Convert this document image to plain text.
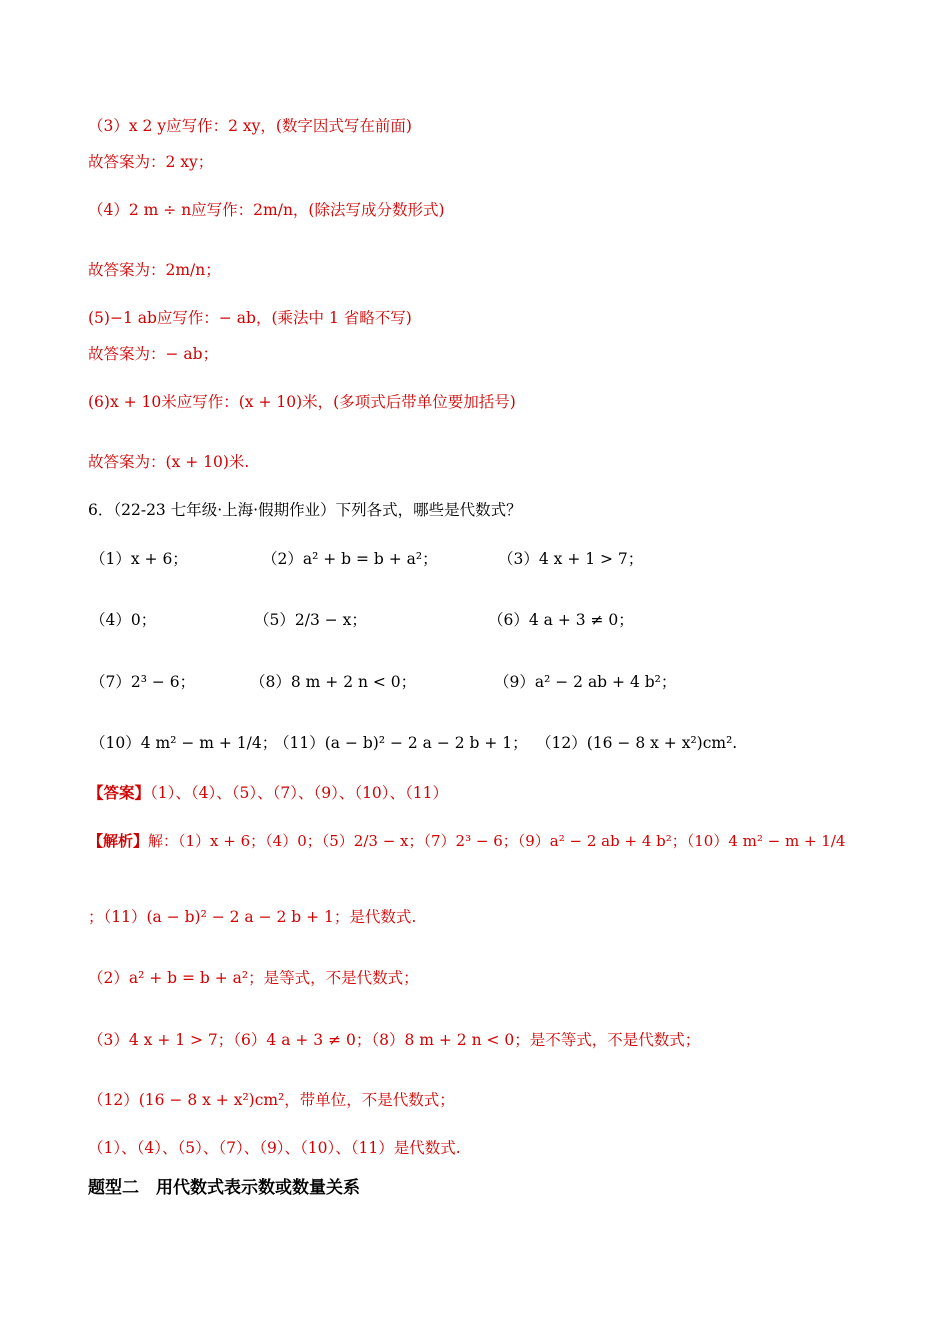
（3）x 2 y应写作：2 xy，(数字因式写在前面)
故答案为：2 xy；
（4）2 m ÷ n应写作：2m/n，(除法写成分数形式)
故答案为：2m/n；
(5)−1 ab应写作：− ab，(乘法中 1 省略不写)
故答案为：− ab；
(6)x + 10米应写作：(x + 10)米，(多项式后带单位要加括号)
故答案为：(x + 10)米.
6．（22-23 七年级·上海·假期作业）下列各式，哪些是代数式？
（1）x + 6；	（2）a² + b = b + a²；	（3）4 x + 1 > 7；
（4）0；	（5）2/3 − x；	（6）4 a + 3 ≠ 0；
（7）2³ − 6；	（8）8 m + 2 n < 0；	（9）a² − 2 ab + 4 b²；
（10）4 m² − m + 1/4；
（11）(a − b)² − 2 a − 2 b + 1； （12）(16 − 8 x + x²)cm².
【答案】（1）、（4）、（5）、（7）、（9）、（10）、（11）
【解析】解：（1）x + 6；（4）0；（5）2/3 − x；（7）2³ − 6；（9）a² − 2 ab + 4 b²；（10）4 m² − m + 1/4
；（11）(a − b)² − 2 a − 2 b + 1；是代数式.
（2）a² + b = b + a²；是等式，不是代数式；
（3）4 x + 1 > 7；（6）4 a + 3 ≠ 0；（8）8 m + 2 n < 0；是不等式，不是代数式；
（12）(16 − 8 x + x²)cm²，带单位，不是代数式；
（1）、（4）、（5）、（7）、（9）、（10）、（11）是代数式.
题型二　用代数式表示数或数量关系
